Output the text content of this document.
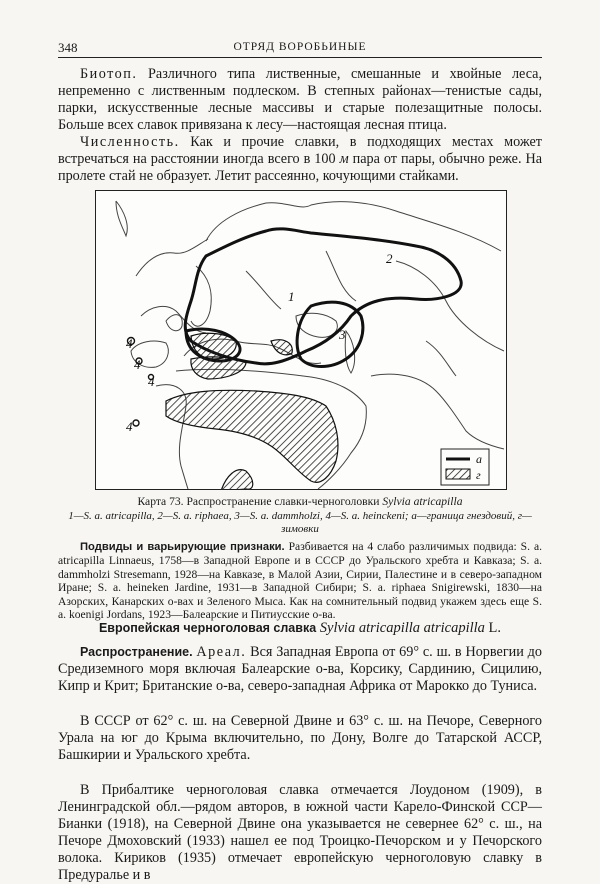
348	ОТРЯД ВОРОБЬИНЫЕ
Биотоп. Различного типа лиственные, смешанные и хвойные леса, непременно с лиственным подлеском. В степных районах—тенистые сады, парки, искусственные лесные массивы и старые полезащитные полосы. Больше всех славок привязана к лесу—настоящая лесная птица.
Численность. Как и прочие славки, в подходящих местах может встречаться на расстоянии иногда всего в 100 м пара от пары, обычно реже. На пролете стай не образует. Летит рассеянно, кочующими стайками.
1
2
3
4
4
4
4
а
г
Карта 73. Распространение славки-черноголовки Sylvia atricapilla
1—S. a. atricapilla, 2—S. a. riphaea, 3—S. a. dammholzi, 4—S. a. heinckeni; а—граница гнездовий, г—зимовки
Подвиды и варьирующие признаки. Разбивается на 4 слабо различимых подвида: S. a. atricapilla Linnaeus, 1758—в Западной Европе и в СССР до Уральского хребта и Кавказа; S. a. dammholzi Stresemann, 1928—на Кавказе, в Малой Азии, Сирии, Палестине и в северо-западном Иране; S. a. heineken Jardine, 1931—в Западной Сибири; S. a. riphaea Snigirewski, 1830—на Азорских, Канарских о-вах и Зеленого Мыса. Как на сомнительный подвид укажем здесь еще S. a. koenigi Jordans, 1923—Балеарские и Питиусские о-ва.
Европейская черноголовая славка Sylvia atricapilla atricapilla L.
Распространение. Ареал. Вся Западная Европа от 69° с. ш. в Норвегии до Средиземного моря включая Балеарские о-ва, Корсику, Сардинию, Сицилию, Кипр и Крит; Британские о-ва, северо-западная Африка от Марокко до Туниса.
В СССР от 62° с. ш. на Северной Двине и 63° с. ш. на Печоре, Северного Урала на юг до Крыма включительно, по Дону, Волге до Татарской АССР, Башкирии и Уральского хребта.
В Прибалтике черноголовая славка отмечается Лоудоном (1909), в Ленинградской обл.—рядом авторов, в южной части Карело-Финской ССР—Бианки (1918), на Северной Двине она указывается не севернее 62° с. ш., на Печоре Дмоховский (1933) нашел ее под Троицко-Печорском и у Печорского волока. Кириков (1935) отмечает европейскую черноголовую славку в Предуралье и в
